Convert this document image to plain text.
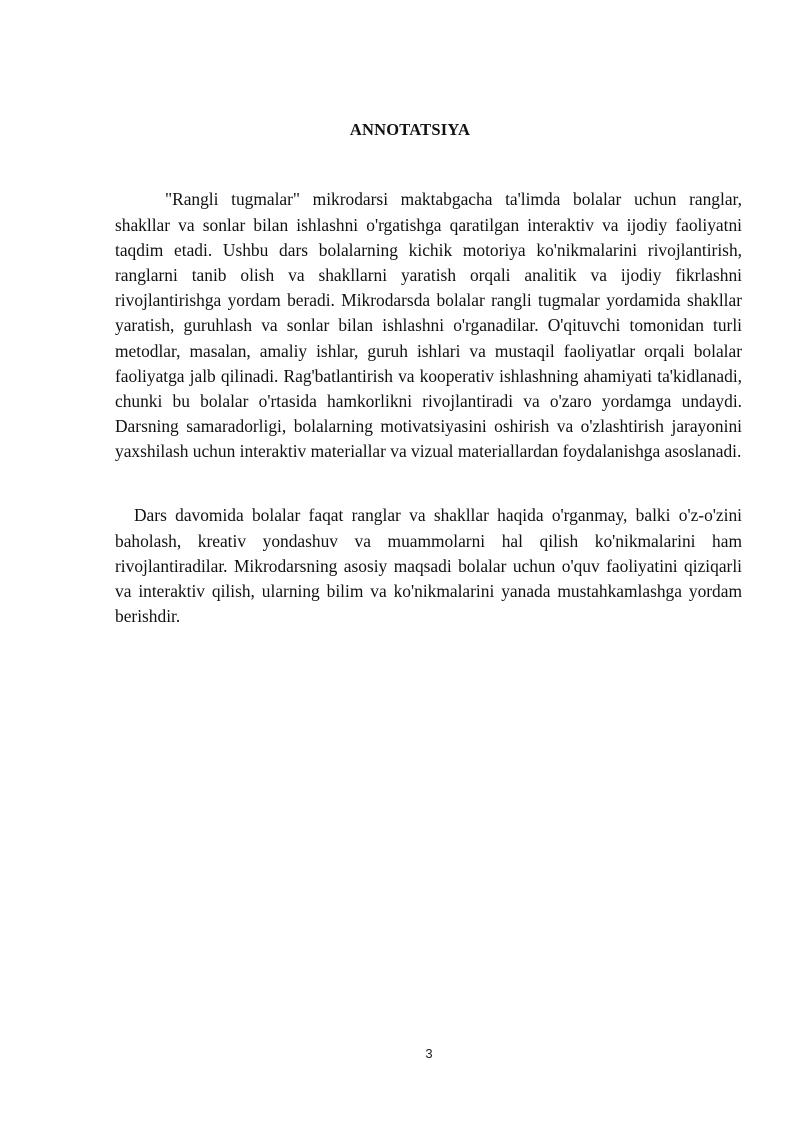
ANNOTATSIYA

"Rangli tugmalar" mikrodarsi maktabgacha ta'limda bolalar uchun ranglar, shakllar va sonlar bilan ishlashni o'rgatishga qaratilgan interaktiv va ijodiy faoliyatni taqdim etadi. Ushbu dars bolalarning kichik motoriya ko'nikmalarini rivojlantirish, ranglarni tanib olish va shakllarni yaratish orqali analitik va ijodiy fikrlashni rivojlantirishga yordam beradi. Mikrodarsda bolalar rangli tugmalar yordamida shakllar yaratish, guruhlash va sonlar bilan ishlashni o'rganadilar. O'qituvchi tomonidan turli metodlar, masalan, amaliy ishlar, guruh ishlari va mustaqil faoliyatlar orqali bolalar faoliyatga jalb qilinadi. Rag'batlantirish va kooperativ ishlashning ahamiyati ta'kidlanadi, chunki bu bolalar o'rtasida hamkorlikni rivojlantiradi va o'zaro yordamga undaydi. Darsning samaradorligi, bolalarning motivatsiyasini oshirish va o'zlashtirish jarayonini yaxshilash uchun interaktiv materiallar va vizual materiallardan foydalanishga asoslanadi.

Dars davomida bolalar faqat ranglar va shakllar haqida o'rganmay, balki o'z-o'zini baholash, kreativ yondashuv va muammolarni hal qilish ko'nikmalarini ham rivojlantiradilar. Mikrodarsning asosiy maqsadi bolalar uchun o'quv faoliyatini qiziqarli va interaktiv qilish, ularning bilim va ko'nikmalarini yanada mustahkamlashga yordam berishdir.

3
